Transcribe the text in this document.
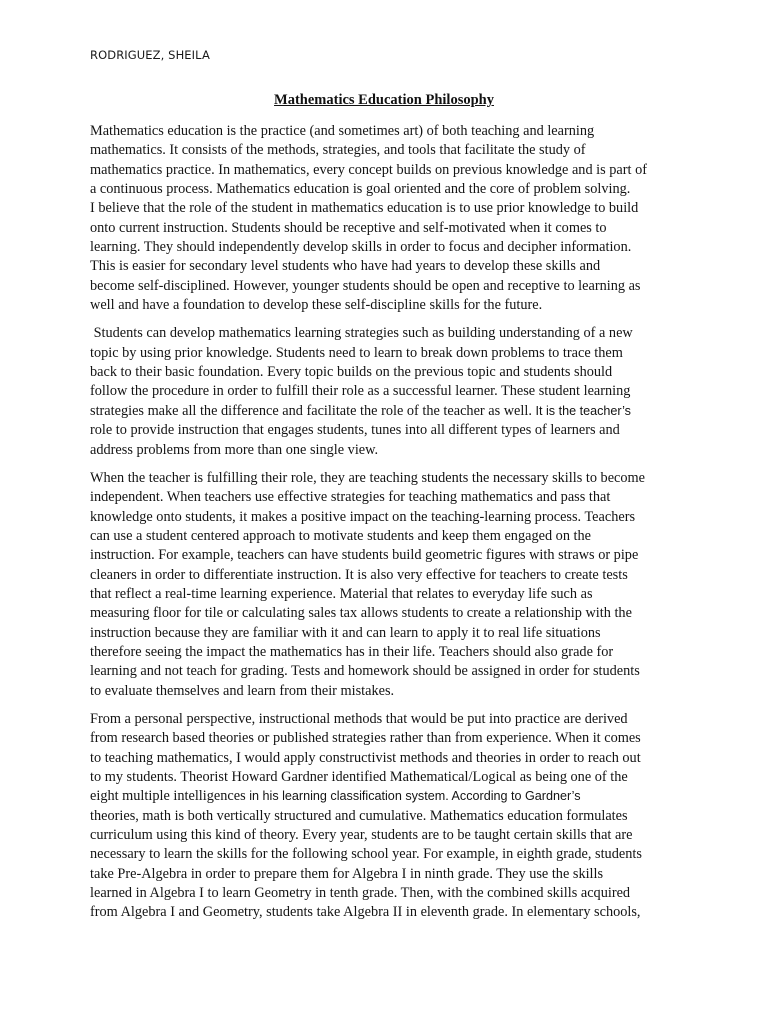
RODRIGUEZ, SHEILA
Mathematics Education Philosophy
Mathematics education is the practice (and sometimes art) of both teaching and learning
mathematics. It consists of the methods, strategies, and tools that facilitate the study of
mathematics practice. In mathematics, every concept builds on previous knowledge and is part of
a continuous process. Mathematics education is goal oriented and the core of problem solving.
I believe that the role of the student in mathematics education is to use prior knowledge to build
onto current instruction. Students should be receptive and self-motivated when it comes to
learning. They should independently develop skills in order to focus and decipher information.
This is easier for secondary level students who have had years to develop these skills and
become self-disciplined. However, younger students should be open and receptive to learning as
well and have a foundation to develop these self-discipline skills for the future.
Students can develop mathematics learning strategies such as building understanding of a new
topic by using prior knowledge. Students need to learn to break down problems to trace them
back to their basic foundation. Every topic builds on the previous topic and students should
follow the procedure in order to fulfill their role as a successful learner. These student learning
strategies make all the difference and facilitate the role of the teacher as well. It is the teacher’s
role to provide instruction that engages students, tunes into all different types of learners and
address problems from more than one single view.
When the teacher is fulfilling their role, they are teaching students the necessary skills to become
independent. When teachers use effective strategies for teaching mathematics and pass that
knowledge onto students, it makes a positive impact on the teaching-learning process. Teachers
can use a student centered approach to motivate students and keep them engaged on the
instruction. For example, teachers can have students build geometric figures with straws or pipe
cleaners in order to differentiate instruction. It is also very effective for teachers to create tests
that reflect a real-time learning experience. Material that relates to everyday life such as
measuring floor for tile or calculating sales tax allows students to create a relationship with the
instruction because they are familiar with it and can learn to apply it to real life situations
therefore seeing the impact the mathematics has in their life. Teachers should also grade for
learning and not teach for grading. Tests and homework should be assigned in order for students
to evaluate themselves and learn from their mistakes.
From a personal perspective, instructional methods that would be put into practice are derived
from research based theories or published strategies rather than from experience. When it comes
to teaching mathematics, I would apply constructivist methods and theories in order to reach out
to my students. Theorist Howard Gardner identified Mathematical/Logical as being one of the
eight multiple intelligences in his learning classification system. According to Gardner’s
theories, math is both vertically structured and cumulative. Mathematics education formulates
curriculum using this kind of theory. Every year, students are to be taught certain skills that are
necessary to learn the skills for the following school year. For example, in eighth grade, students
take Pre-Algebra in order to prepare them for Algebra I in ninth grade. They use the skills
learned in Algebra I to learn Geometry in tenth grade. Then, with the combined skills acquired
from Algebra I and Geometry, students take Algebra II in eleventh grade. In elementary schools,
